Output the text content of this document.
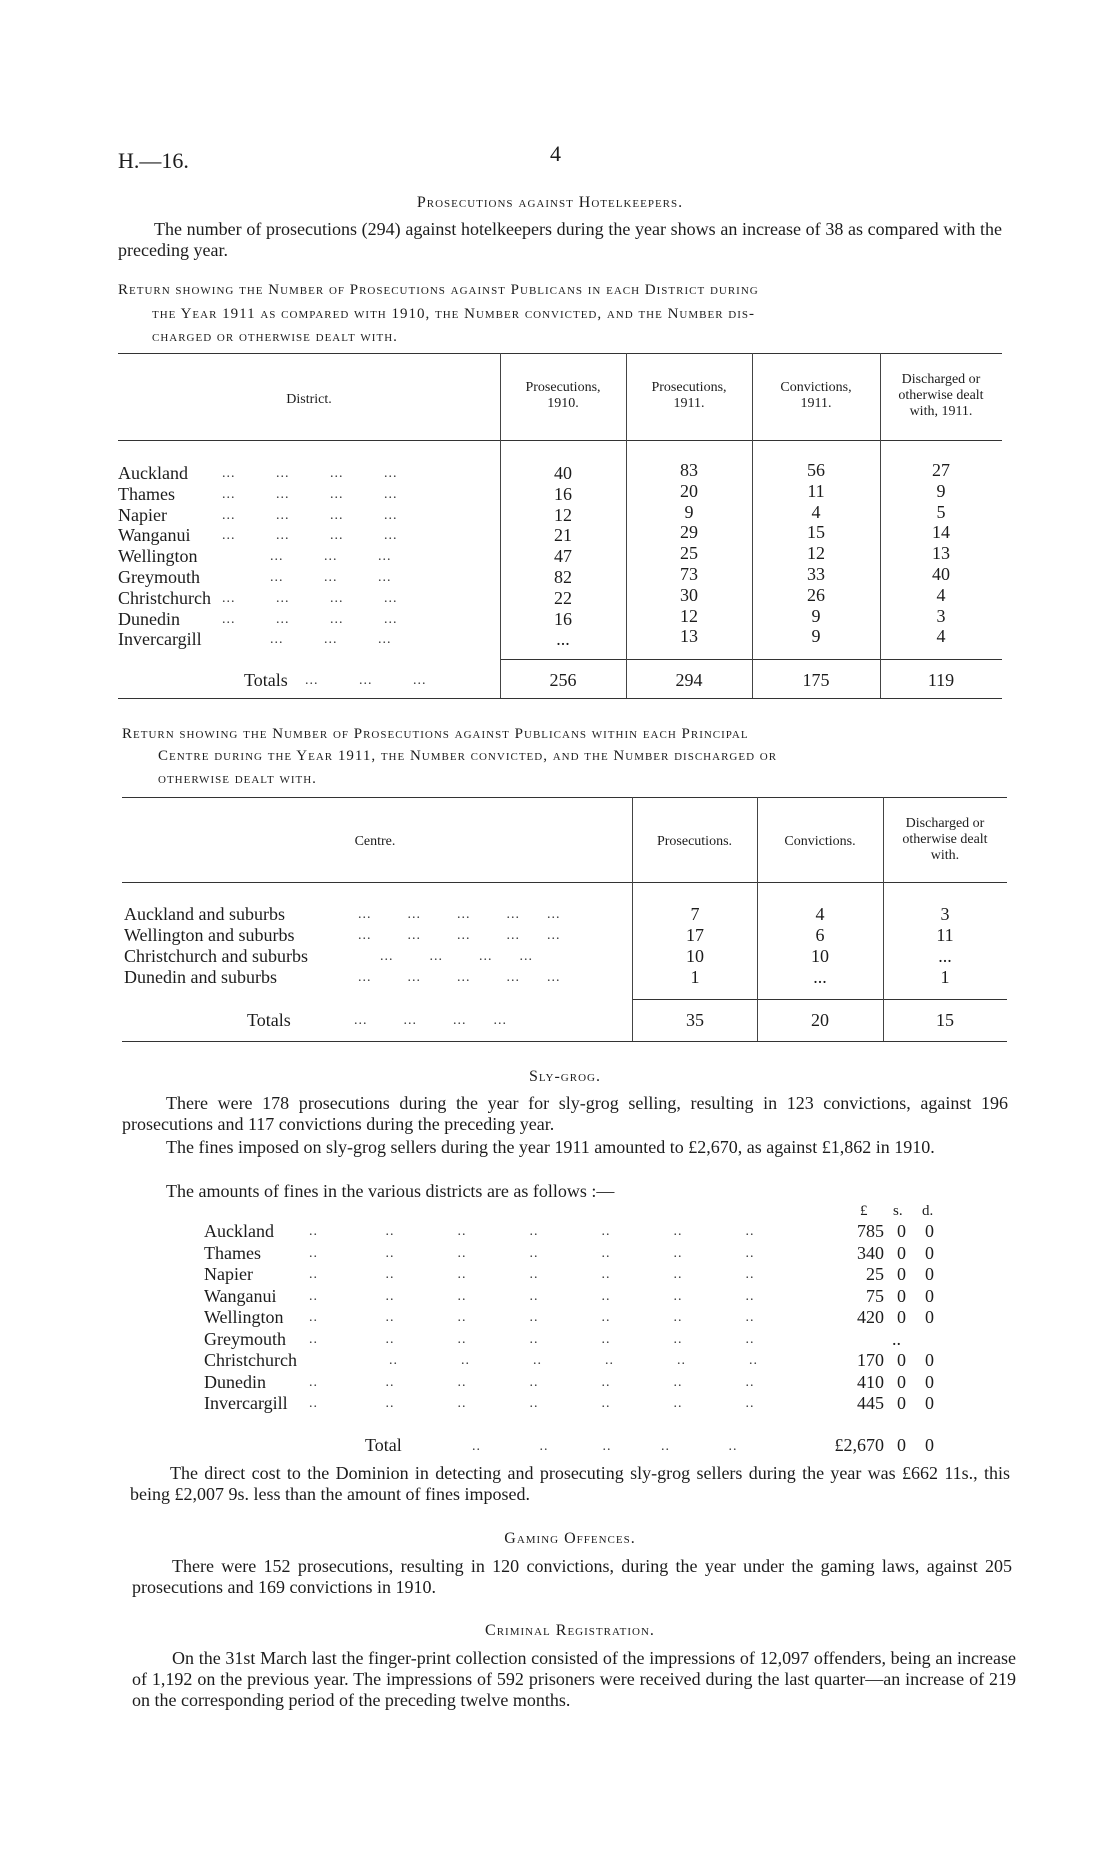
H.—16.	4
Prosecutions against Hotelkeepers.

The number of prosecutions (294) against hotelkeepers during the year shows an increase of 38 as compared with the preceding year.

Return showing the Number of Prosecutions against Publicans in each District during
the Year 1911 as compared with 1910, the Number convicted, and the Number dis-
charged or otherwise dealt with.
District.
Prosecutions,
1910.
Prosecutions,
1911.
Convictions,
1911.
Discharged or
otherwise dealt
with, 1911.
Auckland ...         ...         ...         ...	40	83	56	27
Thames	...         ...         ...         ...	16	20	11	9
Napier	...         ...         ...         ...	12	9	4	5
Wanganui ...         ...         ...         ...	21	29	15	14
Wellington	...         ...         ...	47	25	12	13
Greymouth	...         ...         ...	82	73	33	40
Christchurch ...         ...         ...         ...	22	30	26	4
Dunedin	...         ...         ...         ...	16	12	9	3
Invercargill	...         ...         ...	...	13	9	4
Totals ...         ...         ...	256	294	175	119
Return showing the Number of Prosecutions against Publicans within each Principal
Centre during the Year 1911, the Number convicted, and the Number discharged or
otherwise dealt with.
Centre.	Prosecutions.	Convictions.
Discharged or
otherwise dealt
with.
Auckland and suburbs	...        ...        ...        ...      ...	7	4	3
Wellington and suburbs	...        ...        ...        ...      ...	17	6	11
Christchurch and suburbs	...        ...        ...      ...	10	10	...
Dunedin and suburbs	...        ...        ...        ...      ...	1	...	1
Totals	...        ...        ...      ...	35	20	15
Sly-grog.

There were 178 prosecutions during the year for sly-grog selling, resulting in 123 convictions, against 196 prosecutions and 117 convictions during the preceding year.

The fines imposed on sly-grog sellers during the year 1911 amounted to £2,670, as against £1,862 in 1910.

The amounts of fines in the various districts are as follows :—

£ s. d.
Auckland	..               ..              ..              ..              ..              ..              ..	785 0 0
Thames	..               ..              ..              ..              ..              ..              ..	340 0 0
Napier	..               ..              ..              ..              ..              ..              ..	25 0 0
Wanganui ..               ..              ..              ..              ..              ..              ..	75 0 0
Wellington ..               ..              ..              ..              ..              ..              ..	420 0 0
Greymouth ..               ..              ..              ..              ..              ..              ..	..
Christchurch	..              ..              ..              ..              ..              ..	170 0 0
Dunedin	..               ..              ..              ..              ..              ..              ..	410 0 0
Invercargill ..               ..              ..              ..              ..              ..              ..	445 0 0
Total	..             ..            ..           ..             ..	£2,670 0 0

The direct cost to the Dominion in detecting and prosecuting sly-grog sellers during the year was £662 11s., this being £2,007 9s. less than the amount of fines imposed.

Gaming Offences.

There were 152 prosecutions, resulting in 120 convictions, during the year under the gaming laws, against 205 prosecutions and 169 convictions in 1910.

Criminal Registration.

On the 31st March last the finger-print collection consisted of the impressions of 12,097 offenders, being an increase of 1,192 on the previous year. The impressions of 592 prisoners were received during the last quarter—an increase of 219 on the corresponding period of the preceding twelve months.
